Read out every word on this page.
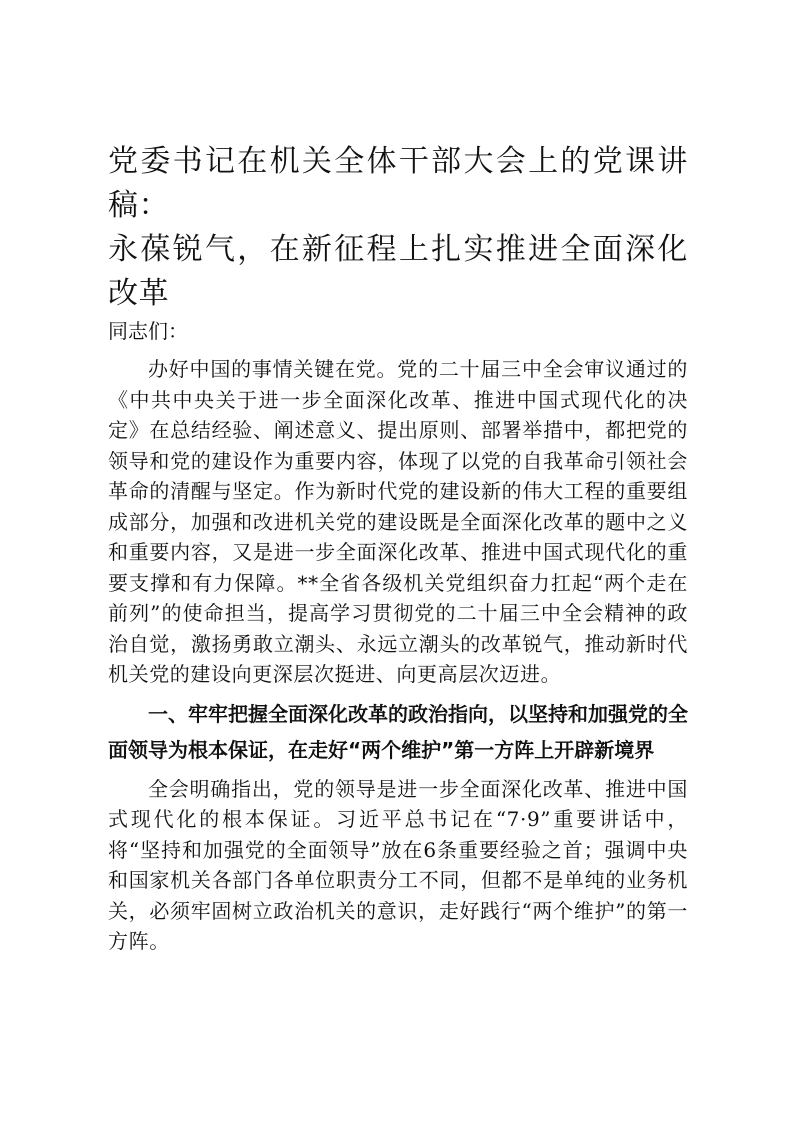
党委书记在机关全体干部大会上的党课讲稿：
永葆锐气，在新征程上扎实推进全面深化改革

同志们：

办好中国的事情关键在党。党的二十届三中全会审议通过的《中共中央关于进一步全面深化改革、推进中国式现代化的决定》在总结经验、阐述意义、提出原则、部署举措中，都把党的领导和党的建设作为重要内容，体现了以党的自我革命引领社会革命的清醒与坚定。作为新时代党的建设新的伟大工程的重要组成部分，加强和改进机关党的建设既是全面深化改革的题中之义和重要内容，又是进一步全面深化改革、推进中国式现代化的重要支撑和有力保障。**全省各级机关党组织奋力扛起“两个走在前列”的使命担当，提高学习贯彻党的二十届三中全会精神的政治自觉，激扬勇敢立潮头、永远立潮头的改革锐气，推动新时代机关党的建设向更深层次挺进、向更高层次迈进。

一、牢牢把握全面深化改革的政治指向，以坚持和加强党的全面领导为根本保证，在走好“两个维护”第一方阵上开辟新境界

全会明确指出，党的领导是进一步全面深化改革、推进中国式现代化的根本保证。习近平总书记在“7·9”重要讲话中，将“坚持和加强党的全面领导”放在6条重要经验之首；强调中央和国家机关各部门各单位职责分工不同，但都不是单纯的业务机关，必须牢固树立政治机关的意识，走好践行“两个维护”的第一方阵。
